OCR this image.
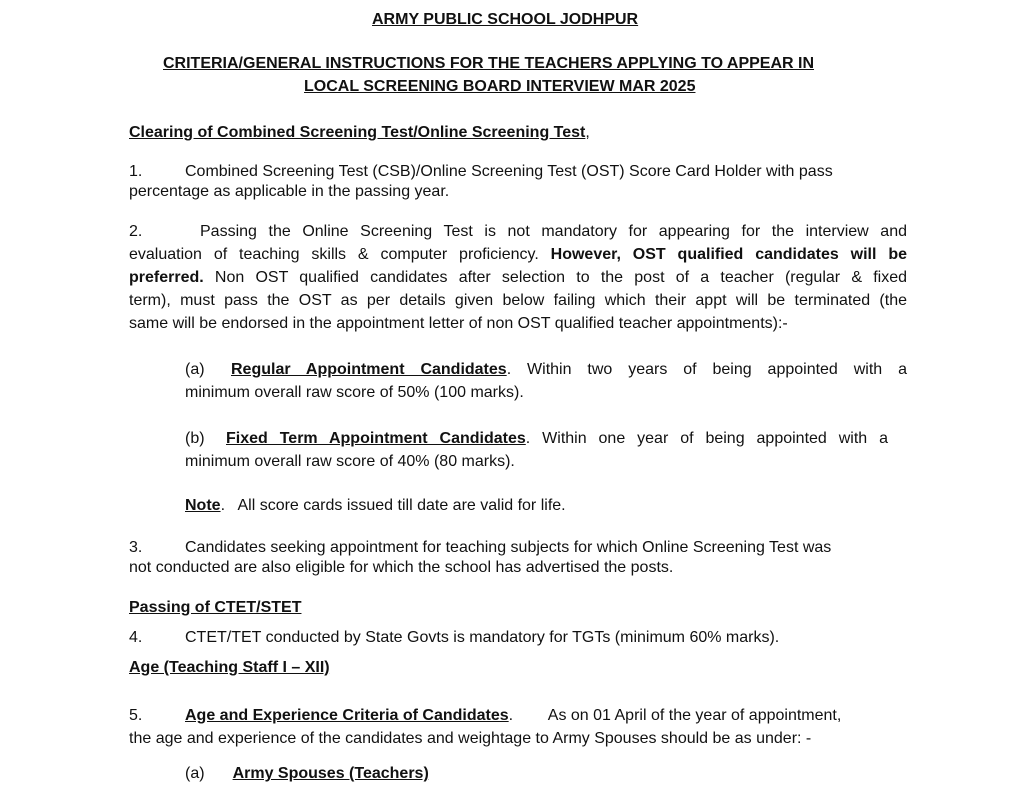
ARMY PUBLIC SCHOOL JODHPUR
CRITERIA/GENERAL INSTRUCTIONS FOR THE TEACHERS APPLYING TO APPEAR IN
LOCAL SCREENING BOARD INTERVIEW MAR 2025
Clearing of Combined Screening Test/Online Screening Test,
1.	Combined Screening Test (CSB)/Online Screening Test (OST) Score Card Holder with pass
percentage as applicable in the passing year.
2.	Passing the Online Screening Test is not mandatory for appearing for the interview and
evaluation of teaching skills & computer proficiency. However, OST qualified candidates will be
preferred. Non OST qualified candidates after selection to the post of a teacher (regular & fixed
term), must pass the OST as per details given below failing which their appt will be terminated (the
same will be endorsed in the appointment letter of non OST qualified teacher appointments):-
(a) Regular Appointment Candidates. Within two years of being appointed with a
minimum overall raw score of 50% (100 marks).
(b) Fixed Term Appointment Candidates. Within one year of being appointed with a
minimum overall raw score of 40% (80 marks).
Note.   All score cards issued till date are valid for life.
3.	Candidates seeking appointment for teaching subjects for which Online Screening Test was
not conducted are also eligible for which the school has advertised the posts.
Passing of CTET/STET
4.	CTET/TET conducted by State Govts is mandatory for TGTs (minimum 60% marks).
Age (Teaching Staff I – XII)
5.	Age and Experience Criteria of Candidates.        As on 01 April of the year of appointment,
the age and experience of the candidates and weightage to Army Spouses should be as under: -
(a) Army Spouses (Teachers)
